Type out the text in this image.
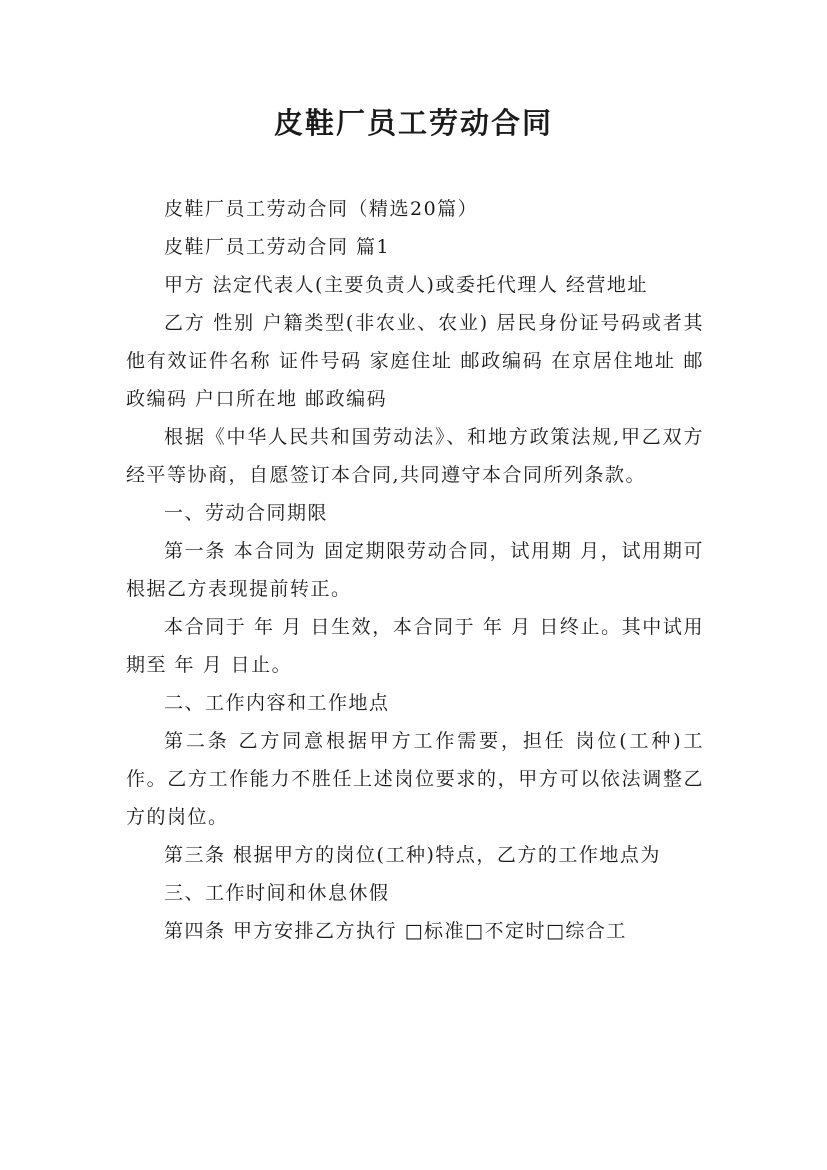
皮鞋厂员工劳动合同

皮鞋厂员工劳动合同（精选20篇）

皮鞋厂员工劳动合同 篇1

甲方 法定代表人(主要负责人)或委托代理人 经营地址

乙方 性别 户籍类型(非农业、农业) 居民身份证号码或者其他有效证件名称 证件号码 家庭住址 邮政编码 在京居住地址 邮政编码 户口所在地 邮政编码

根据《中华人民共和国劳动法》、和地方政策法规,甲乙双方经平等协商，自愿签订本合同,共同遵守本合同所列条款。

一、劳动合同期限

第一条 本合同为 固定期限劳动合同，试用期 月，试用期可根据乙方表现提前转正。

本合同于 年 月 日生效，本合同于 年 月 日终止。其中试用期至 年 月 日止。

二、工作内容和工作地点

第二条 乙方同意根据甲方工作需要，担任 岗位(工种)工作。乙方工作能力不胜任上述岗位要求的，甲方可以依法调整乙方的岗位。

第三条 根据甲方的岗位(工种)特点，乙方的工作地点为

三、工作时间和休息休假

第四条 甲方安排乙方执行 □标准□不定时□综合工
